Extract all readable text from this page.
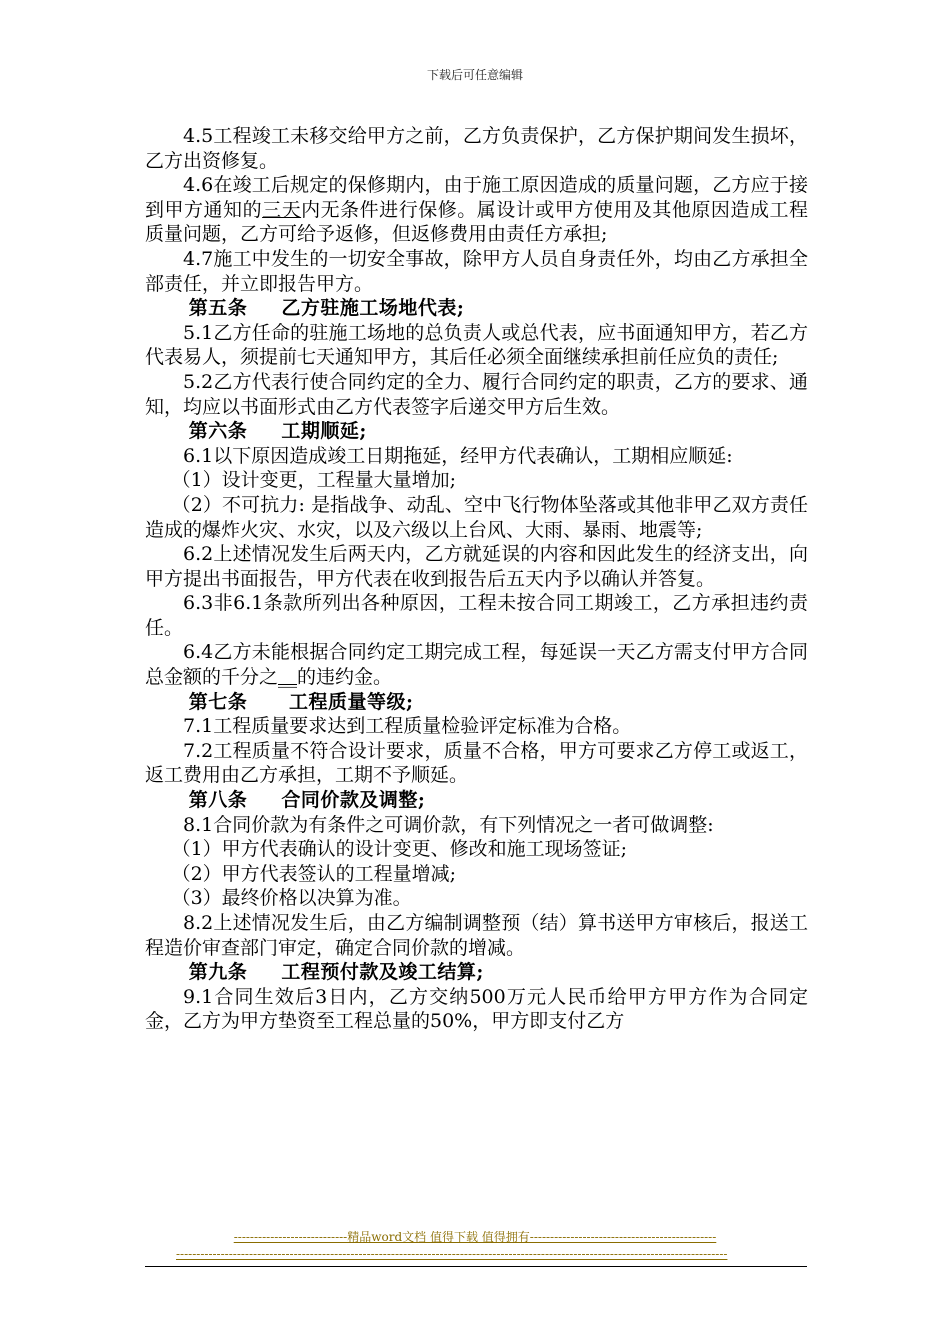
下载后可任意编辑

4.5工程竣工未移交给甲方之前，乙方负责保护，乙方保护期间发生损坏，乙方出资修复。

4.6在竣工后规定的保修期内，由于施工原因造成的质量问题，乙方应于接到甲方通知的三天内无条件进行保修。属设计或甲方使用及其他原因造成工程质量问题，乙方可给予返修，但返修费用由责任方承担;

4.7施工中发生的一切安全事故，除甲方人员自身责任外，均由乙方承担全部责任，并立即报告甲方。

第五条 乙方驻施工场地代表;

5.1乙方任命的驻施工场地的总负责人或总代表，应书面通知甲方，若乙方代表易人，须提前七天通知甲方，其后任必须全面继续承担前任应负的责任;

5.2乙方代表行使合同约定的全力、履行合同约定的职责，乙方的要求、通知，均应以书面形式由乙方代表签字后递交甲方后生效。

第六条 工期顺延;

6.1以下原因造成竣工日期拖延，经甲方代表确认，工期相应顺延:

（1）设计变更，工程量大量增加;

（2）不可抗力: 是指战争、动乱、空中飞行物体坠落或其他非甲乙双方责任造成的爆炸火灾、水灾，以及六级以上台风、大雨、暴雨、地震等;

6.2上述情况发生后两天内，乙方就延误的内容和因此发生的经济支出，向甲方提出书面报告，甲方代表在收到报告后五天内予以确认并答复。

6.3非6.1条款所列出各种原因，工程未按合同工期竣工，乙方承担违约责任。

6.4乙方未能根据合同约定工期完成工程，每延误一天乙方需支付甲方合同总金额的千分之__的违约金。

第七条 工程质量等级;

7.1工程质量要求达到工程质量检验评定标准为合格。

7.2工程质量不符合设计要求，质量不合格，甲方可要求乙方停工或返工，返工费用由乙方承担，工期不予顺延。

第八条 合同价款及调整;

8.1合同价款为有条件之可调价款，有下列情况之一者可做调整:

（1）甲方代表确认的设计变更、修改和施工现场签证;

（2）甲方代表签认的工程量增减;

（3）最终价格以决算为准。

8.2上述情况发生后，由乙方编制调整预（结）算书送甲方审核后，报送工程造价审查部门审定，确定合同价款的增减。

第九条 工程预付款及竣工结算;

9.1合同生效后3日内，乙方交纳500万元人民币给甲方甲方作为合同定金，乙方为甲方垫资至工程总量的50%，甲方即支付乙方

----------------------------精品word文档 值得下载 值得拥有----------------------------------------------
----------------------------------------------------------------------------------------------------------------------------------------
